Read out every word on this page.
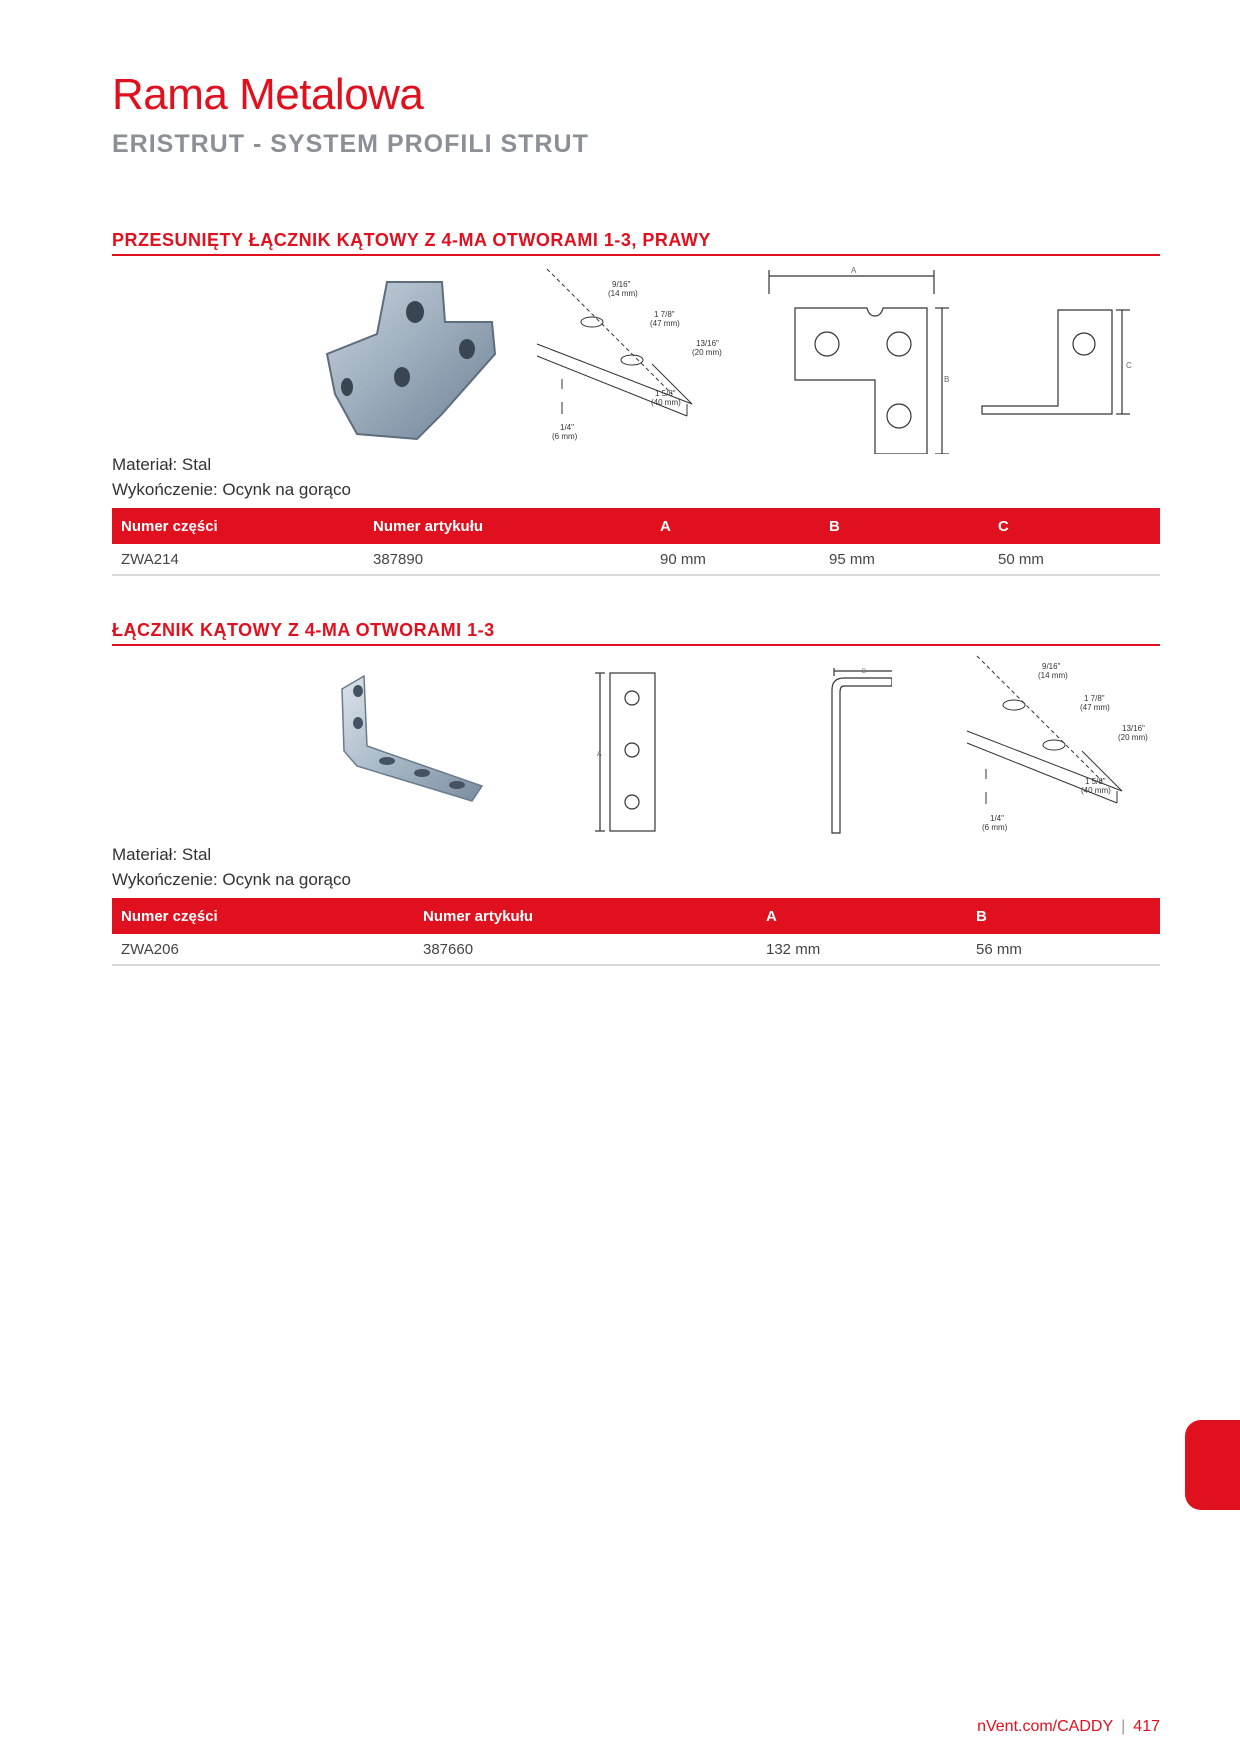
Rama Metalowa
ERISTRUT - SYSTEM PROFILI STRUT
PRZESUNIĘTY ŁĄCZNIK KĄTOWY Z 4-MA OTWORAMI 1-3, PRAWY
9/16"
(14 mm)
1 7/8"
(47 mm)
13/16"
(20 mm)
1 5/8"
(40 mm)
1/4"
(6 mm)
A
B
C
Materiał: Stal
Wykończenie: Ocynk na gorąco
Numer części	Numer artykułu	A	B	C
ZWA214	387890	90 mm	95 mm	50 mm
ŁĄCZNIK KĄTOWY Z 4-MA OTWORAMI 1-3
A
B
9/16"
(14 mm)
1 7/8"
(47 mm)
13/16"
(20 mm)
1 5/8"
(40 mm)
1/4"
(6 mm)
Materiał: Stal
Wykończenie: Ocynk na gorąco
Numer części	Numer artykułu	A	B
ZWA206	387660	132 mm	56 mm
nVent.com/CADDY | 417
